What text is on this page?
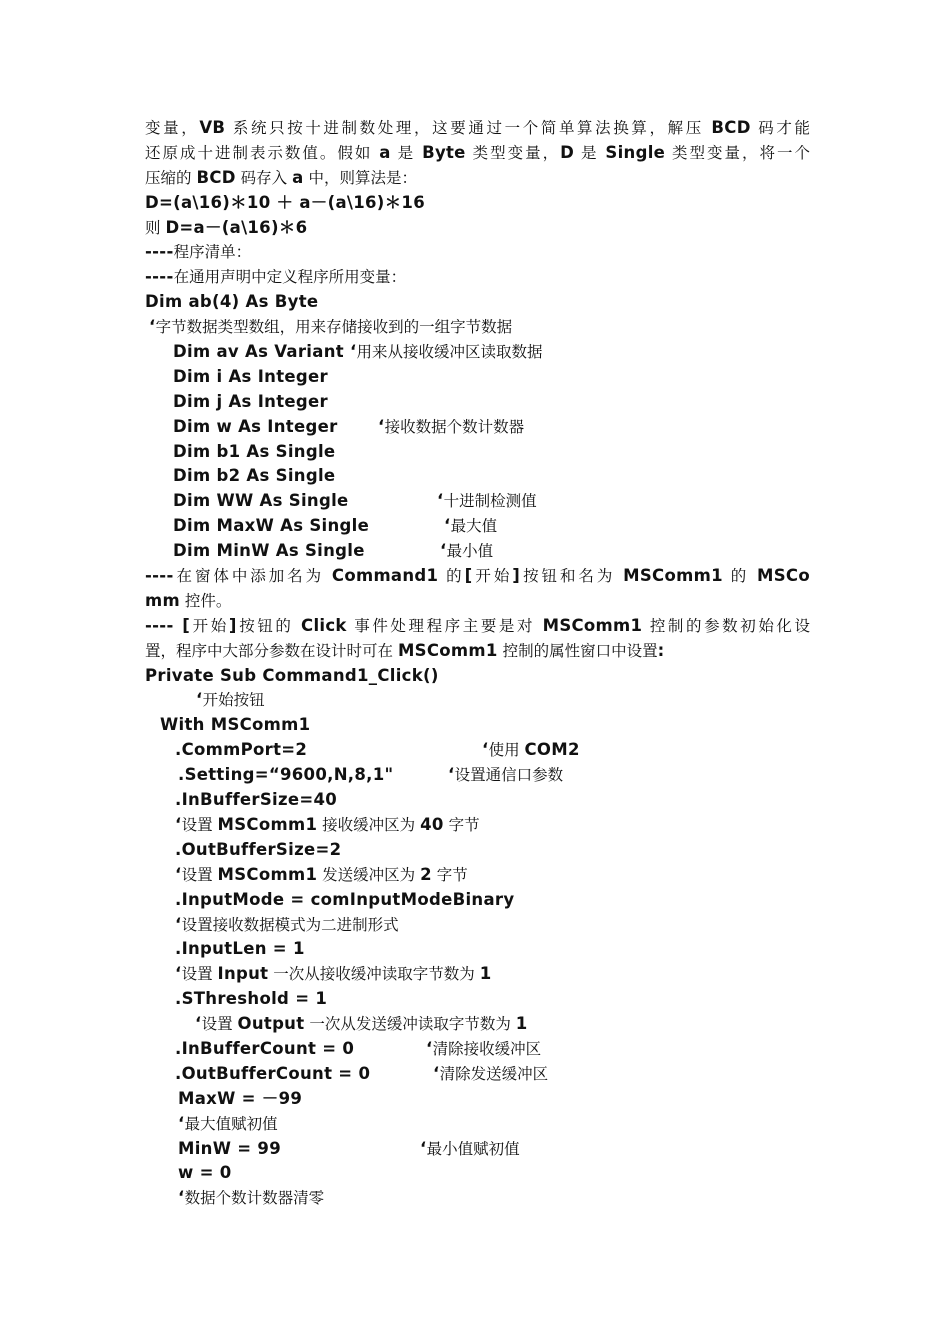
变量，VB 系统只按十进制数处理，这要通过一个简单算法换算，解压 BCD 码才能
还原成十进制表示数值。假如 a 是 Byte 类型变量，D 是 Single 类型变量，将一个
压缩的 BCD 码存入 a 中，则算法是：
D=(a\16)＊10 ＋ a－(a\16)＊16
则 D=a－(a\16)＊6
----程序清单：
----在通用声明中定义程序所用变量：
Dim ab(4) As Byte
‘字节数据类型数组，用来存储接收到的一组字节数据
Dim av As Variant ‘用来从接收缓冲区读取数据
Dim i As Integer
Dim j As Integer
Dim w As Integer ‘接收数据个数计数器
Dim b1 As Single
Dim b2 As Single
Dim WW As Single	‘十进制检测值
Dim MaxW As Single	‘最大值
Dim MinW As Single	‘最小值
----在窗体中添加名为 Command1 的[开始]按钮和名为 MSComm1 的 MSCo
mm 控件。
---- [开始]按钮的 Click 事件处理程序主要是对 MSComm1 控制的参数初始化设
置，程序中大部分参数在设计时可在 MSComm1 控制的属性窗口中设置:
Private Sub Command1_Click()
‘开始按钮
With MSComm1
.CommPort=2	‘使用 COM2
.Setting=“9600,N,8,1"	‘设置通信口参数
.InBufferSize=40
‘设置 MSComm1 接收缓冲区为 40 字节
.OutBufferSize=2
‘设置 MSComm1 发送缓冲区为 2 字节
.InputMode = comInputModeBinary
‘设置接收数据模式为二进制形式
.InputLen = 1
‘设置 Input 一次从接收缓冲读取字节数为 1
.SThreshold = 1
‘设置 Output 一次从发送缓冲读取字节数为 1
.InBufferCount = 0	‘清除接收缓冲区
.OutBufferCount = 0	‘清除发送缓冲区
MaxW = －99
‘最大值赋初值
MinW = 99	‘最小值赋初值
w = 0
‘数据个数计数器清零
